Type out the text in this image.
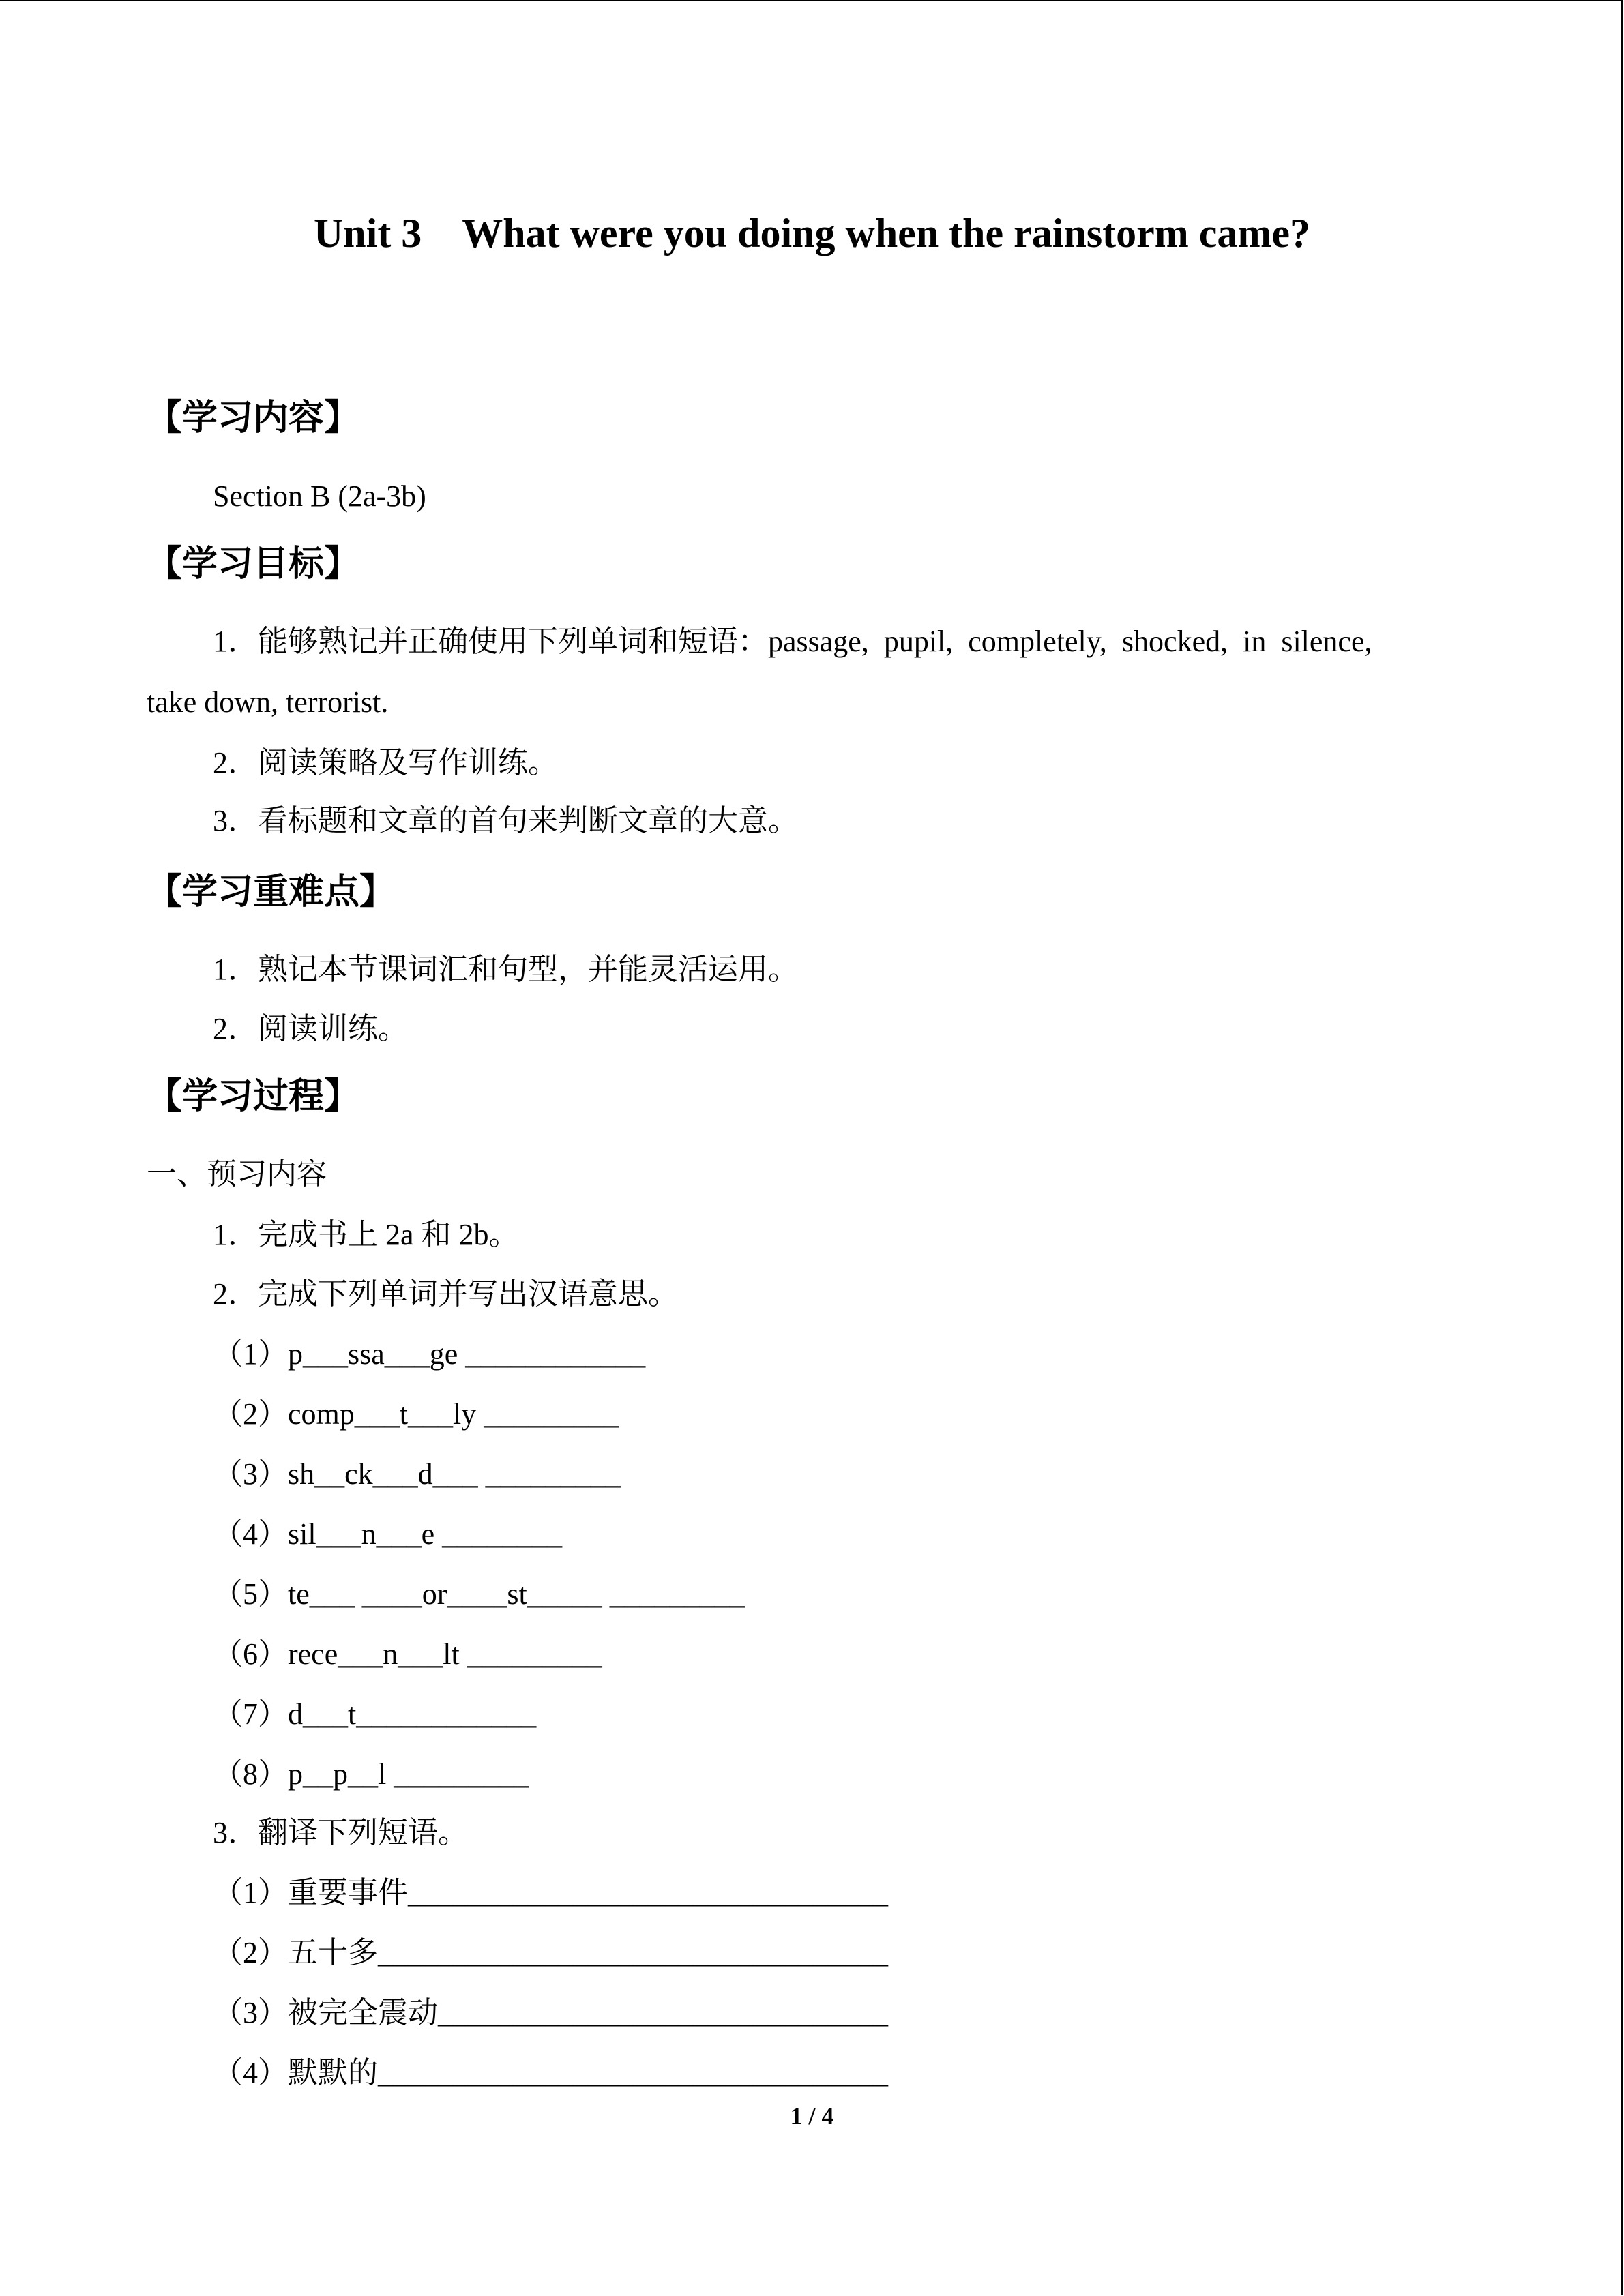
Unit 3    What were you doing when the rainstorm came?
【学习内容】
Section B (2a-3b)
【学习目标】
1．能够熟记并正确使用下列单词和短语：passage,  pupil,  completely,  shocked,  in  silence,
take down, terrorist.
2．阅读策略及写作训练。
3．看标题和文章的首句来判断文章的大意。
【学习重难点】
1．熟记本节课词汇和句型，并能灵活运用。
2．阅读训练。
【学习过程】
一、预习内容
1．完成书上 2a 和 2b。
2．完成下列单词并写出汉语意思。
（1）p___ssa___ge ____________
（2）comp___t___ly _________
（3）sh__ck___d___ _________
（4）sil___n___e ________
（5）te___ ____or____st_____ _________
（6）rece___n___lt _________
（7）d___t____________
（8）p__p__l _________
3．翻译下列短语。
（1）重要事件________________________________
（2）五十多__________________________________
（3）被完全震动______________________________
（4）默默的__________________________________
1 / 4
